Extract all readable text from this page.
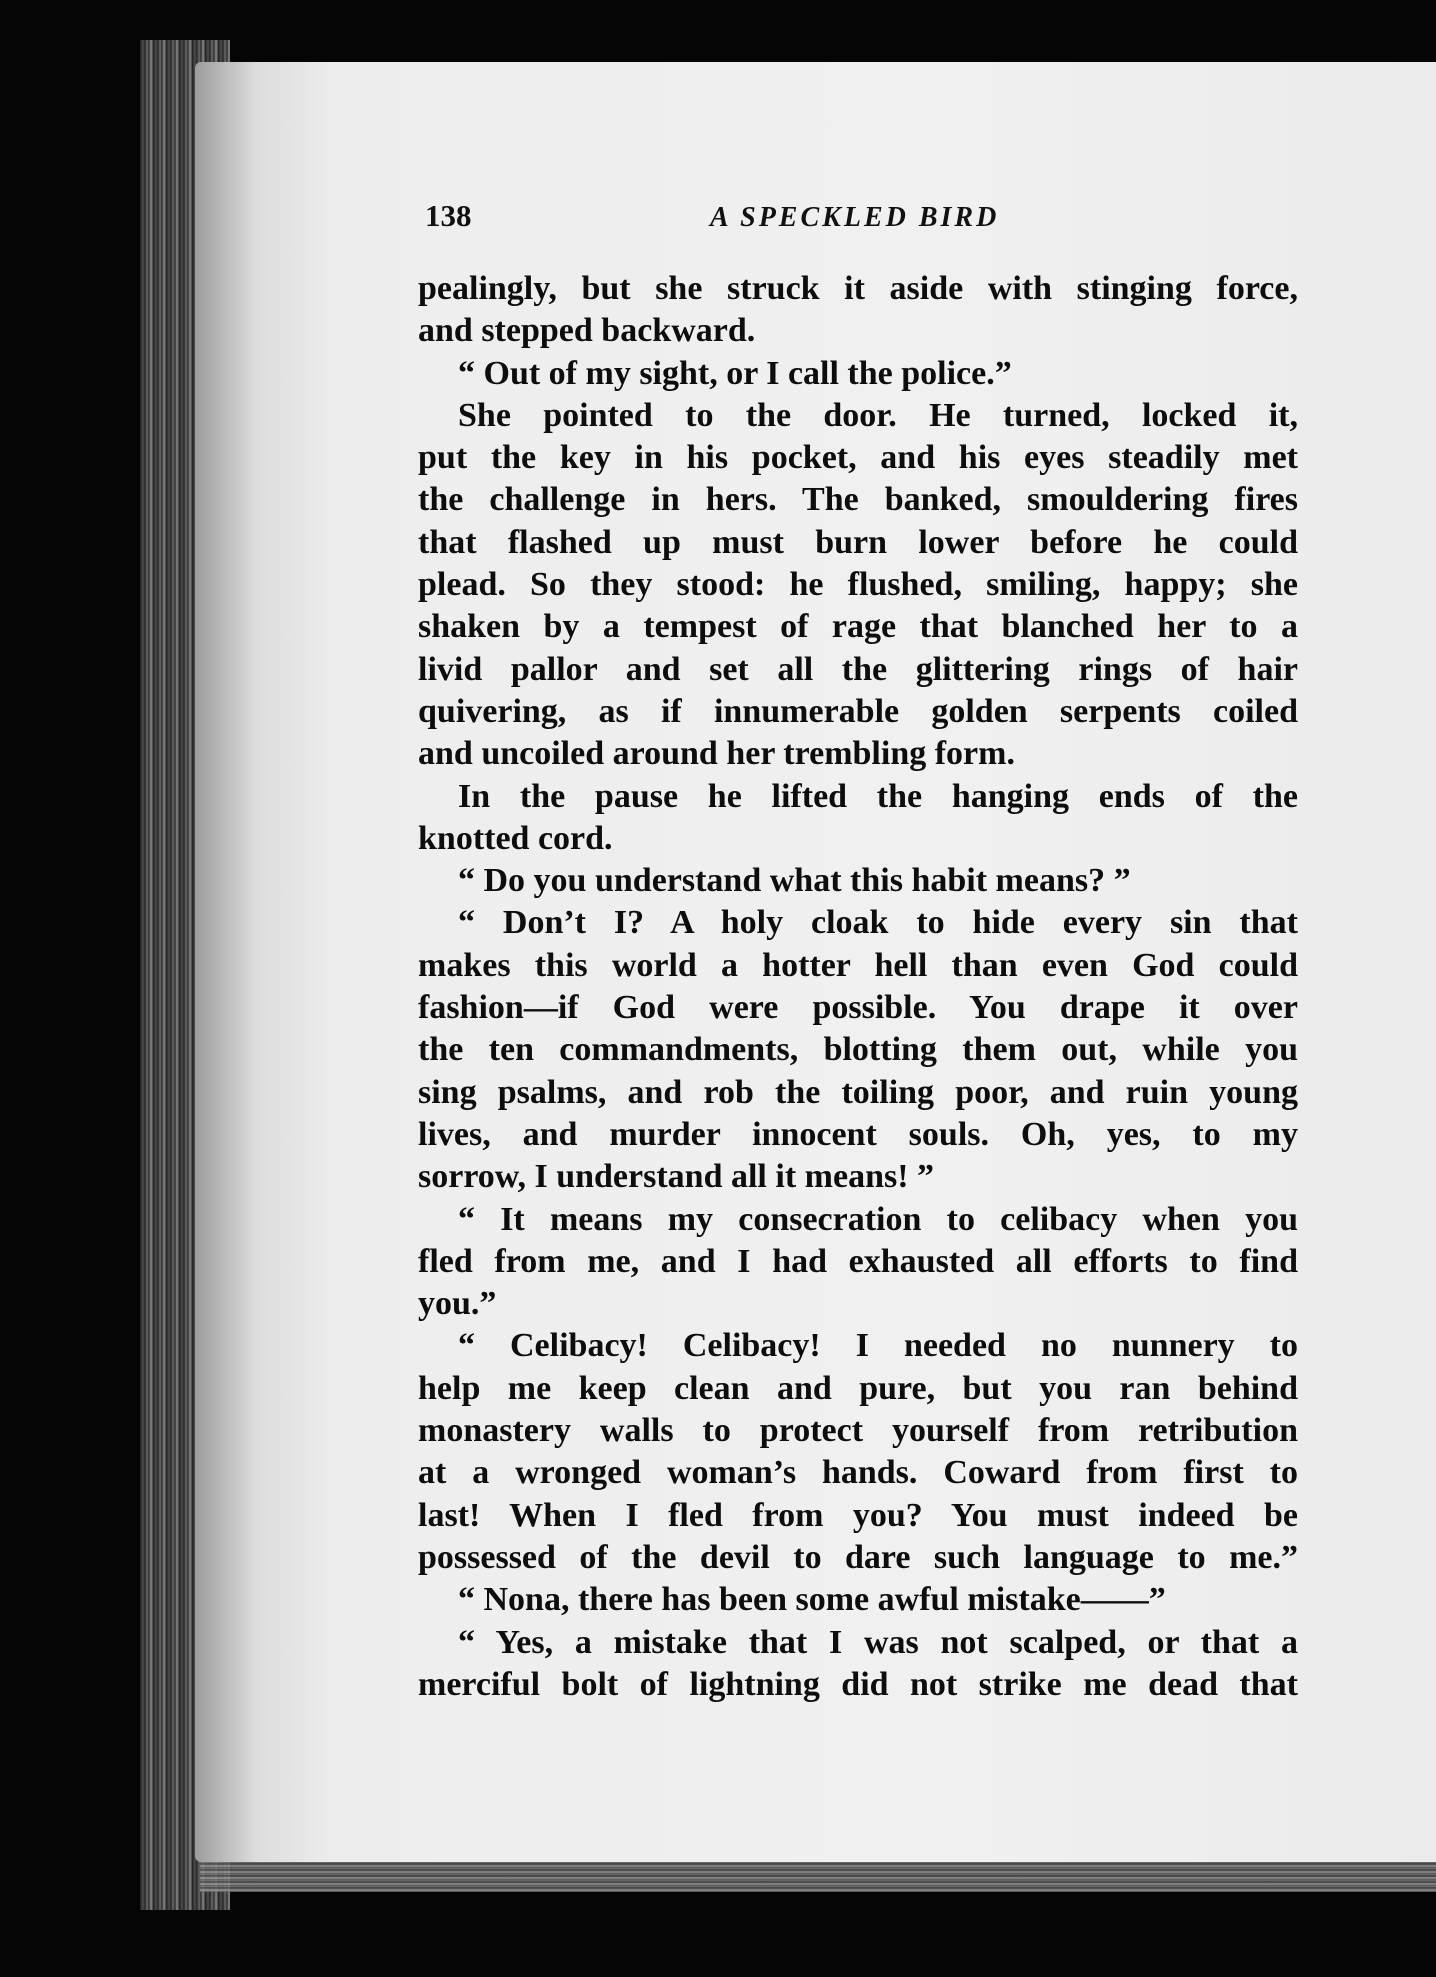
138	A SPECKLED BIRD
pealingly, but she struck it aside with stinging force,
and stepped backward.
“ Out of my sight, or I call the police.”
She pointed to the door. He turned, locked it,
put the key in his pocket, and his eyes steadily met
the challenge in hers. The banked, smouldering fires
that flashed up must burn lower before he could
plead. So they stood: he flushed, smiling, happy; she
shaken by a tempest of rage that blanched her to a
livid pallor and set all the glittering rings of hair
quivering, as if innumerable golden serpents coiled
and uncoiled around her trembling form.
In the pause he lifted the hanging ends of the
knotted cord.
“ Do you understand what this habit means? ”
“ Don’t I? A holy cloak to hide every sin that
makes this world a hotter hell than even God could
fashion—if God were possible. You drape it over
the ten commandments, blotting them out, while you
sing psalms, and rob the toiling poor, and ruin young
lives, and murder innocent souls. Oh, yes, to my
sorrow, I understand all it means! ”
“ It means my consecration to celibacy when you
fled from me, and I had exhausted all efforts to find
you.”
“ Celibacy! Celibacy! I needed no nunnery to
help me keep clean and pure, but you ran behind
monastery walls to protect yourself from retribution
at a wronged woman’s hands. Coward from first to
last! When I fled from you? You must indeed be
possessed of the devil to dare such language to me.”
“ Nona, there has been some awful mistake——”
“ Yes, a mistake that I was not scalped, or that a
merciful bolt of lightning did not strike me dead that
